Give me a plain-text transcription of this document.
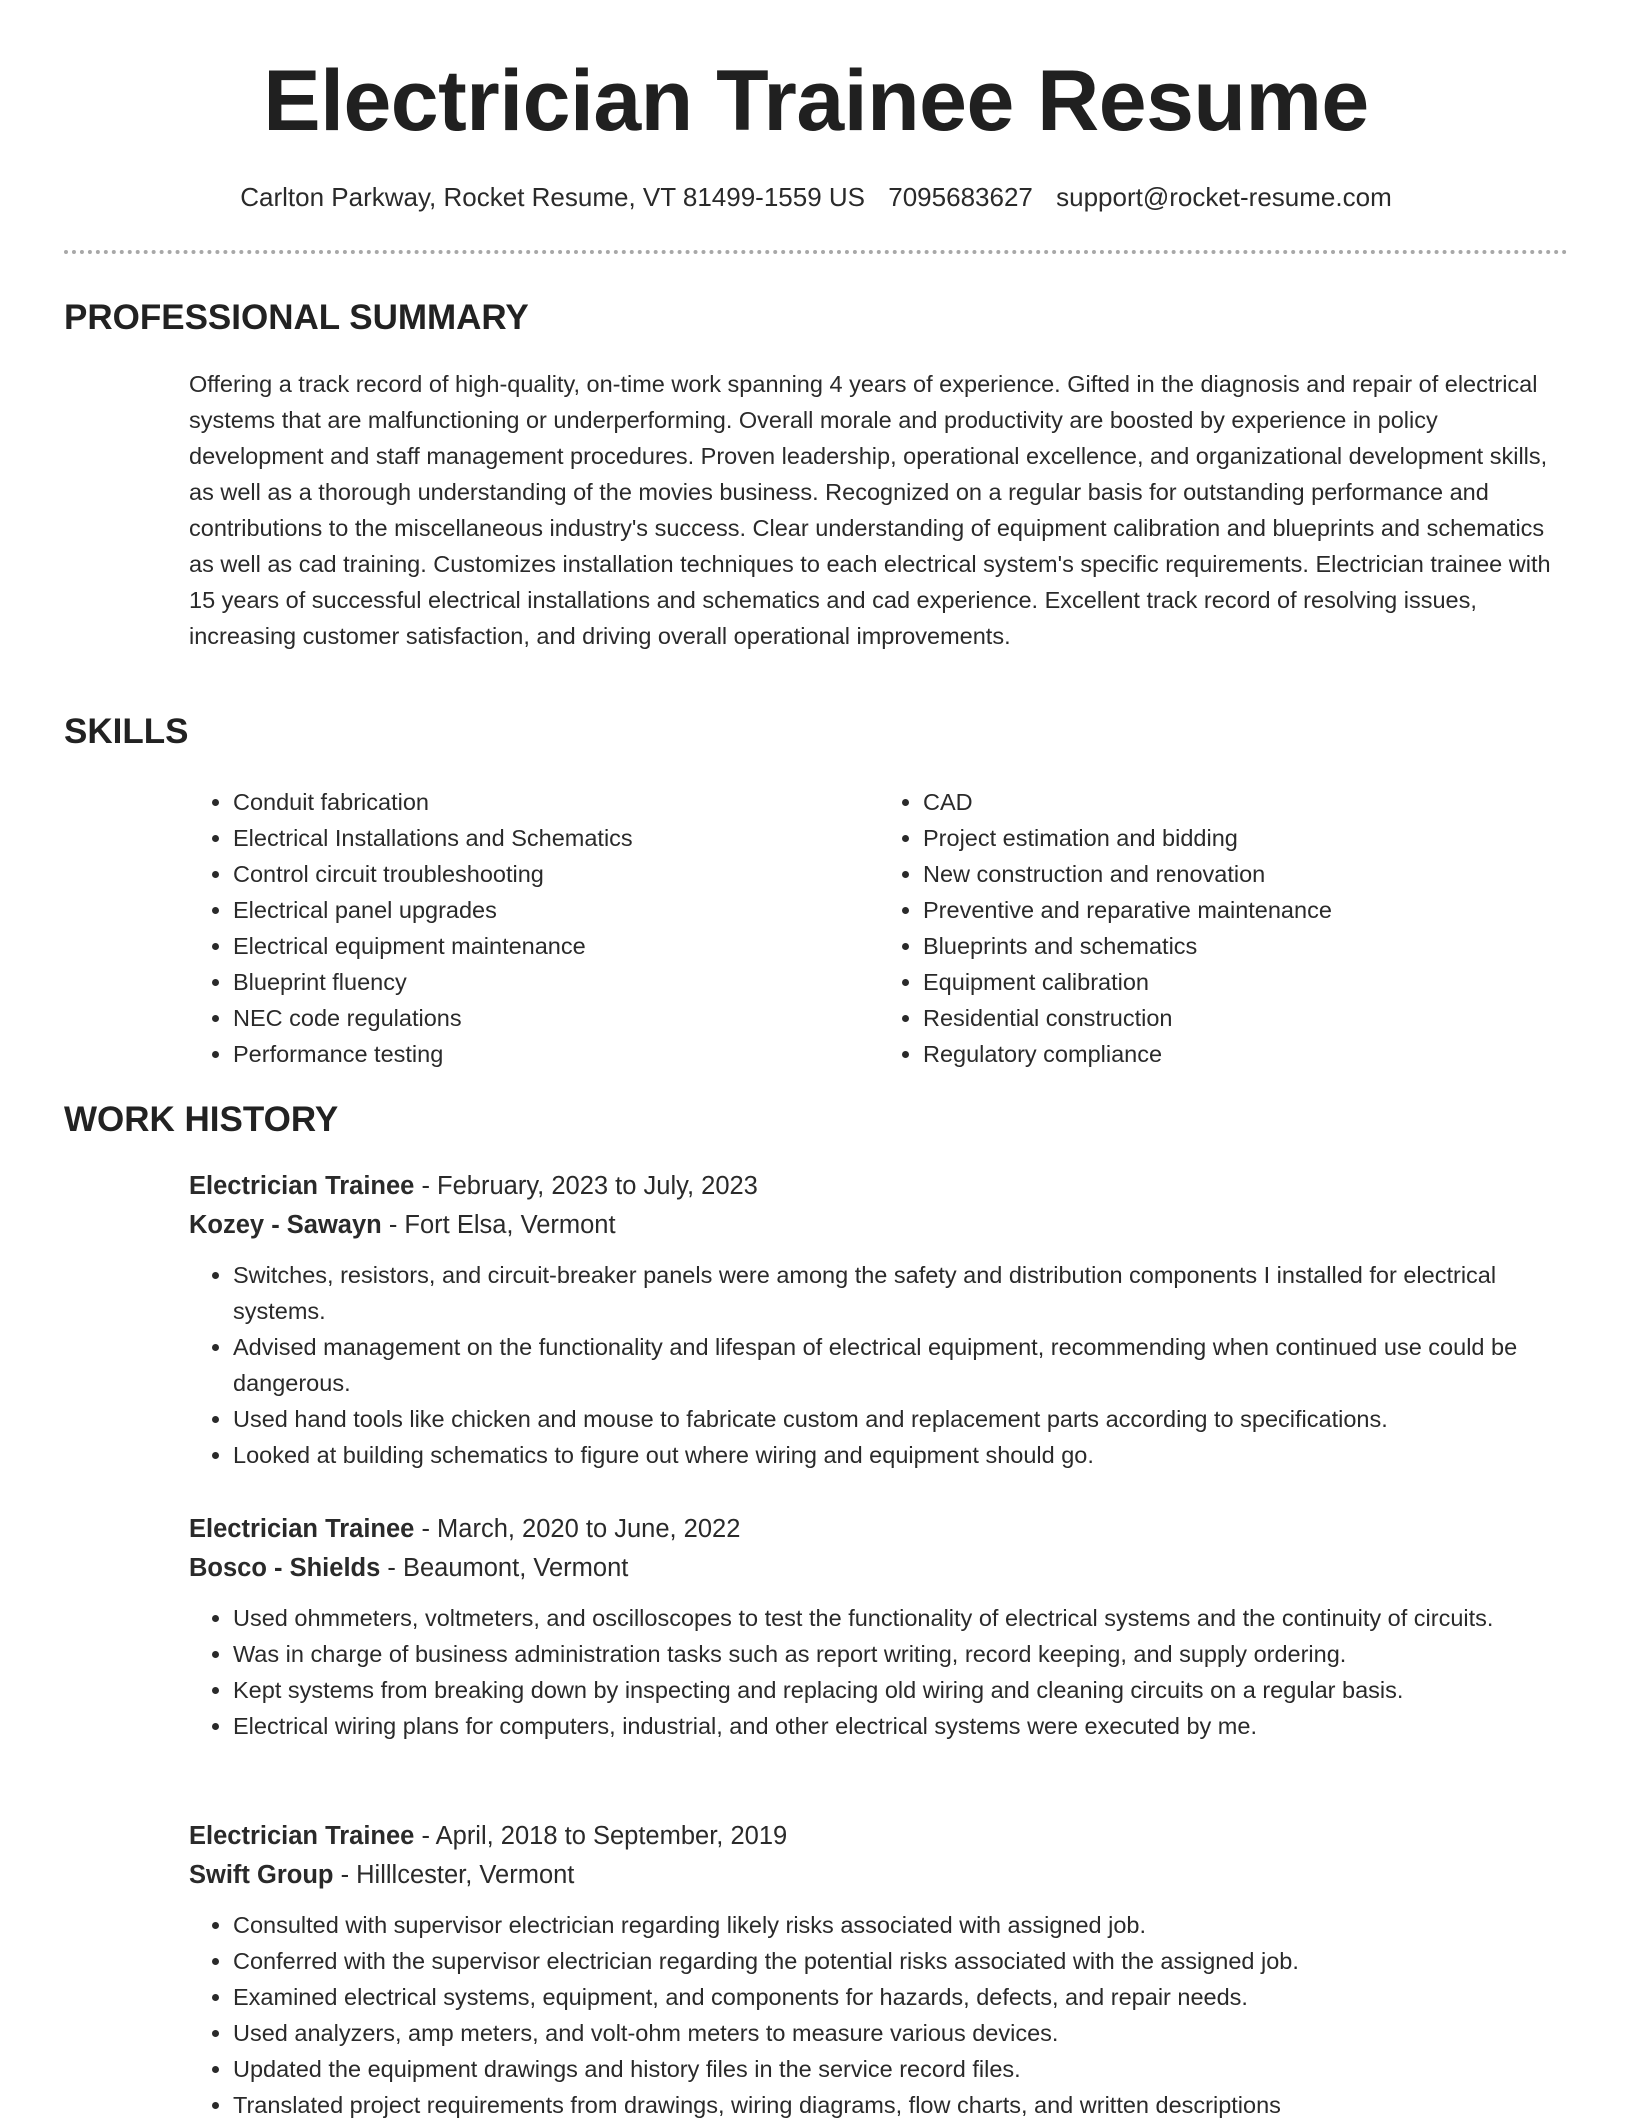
Electrician Trainee Resume
Carlton Parkway, Rocket Resume, VT 81499-1559 US 7095683627 support@rocket-resume.com
PROFESSIONAL SUMMARY

Offering a track record of high-quality, on-time work spanning 4 years of experience. Gifted in the diagnosis and repair of electrical systems that are malfunctioning or underperforming. Overall morale and productivity are boosted by experience in policy development and staff management procedures. Proven leadership, operational excellence, and organizational development skills, as well as a thorough understanding of the movies business. Recognized on a regular basis for outstanding performance and contributions to the miscellaneous industry's success. Clear understanding of equipment calibration and blueprints and schematics as well as cad training. Customizes installation techniques to each electrical system's specific requirements. Electrician trainee with 15 years of successful electrical installations and schematics and cad experience. Excellent track record of resolving issues, increasing customer satisfaction, and driving overall operational improvements.

SKILLS
• Conduit fabrication
• Electrical Installations and Schematics
• Control circuit troubleshooting
• Electrical panel upgrades
• Electrical equipment maintenance
• Blueprint fluency
• NEC code regulations
• Performance testing
• CAD
• Project estimation and bidding
• New construction and renovation
• Preventive and reparative maintenance
• Blueprints and schematics
• Equipment calibration
• Residential construction
• Regulatory compliance
WORK HISTORY
Electrician Trainee - February, 2023 to July, 2023
Kozey - Sawayn - Fort Elsa, Vermont
• Switches, resistors, and circuit-breaker panels were among the safety and distribution components I installed for electrical systems.
• Advised management on the functionality and lifespan of electrical equipment, recommending when continued use could be dangerous.
• Used hand tools like chicken and mouse to fabricate custom and replacement parts according to specifications.
• Looked at building schematics to figure out where wiring and equipment should go.
Electrician Trainee - March, 2020 to June, 2022
Bosco - Shields - Beaumont, Vermont
• Used ohmmeters, voltmeters, and oscilloscopes to test the functionality of electrical systems and the continuity of circuits.
• Was in charge of business administration tasks such as report writing, record keeping, and supply ordering.
• Kept systems from breaking down by inspecting and replacing old wiring and cleaning circuits on a regular basis.
• Electrical wiring plans for computers, industrial, and other electrical systems were executed by me.
Electrician Trainee - April, 2018 to September, 2019
Swift Group - Hilllcester, Vermont
• Consulted with supervisor electrician regarding likely risks associated with assigned job.
• Conferred with the supervisor electrician regarding the potential risks associated with the assigned job.
• Examined electrical systems, equipment, and components for hazards, defects, and repair needs.
• Used analyzers, amp meters, and volt-ohm meters to measure various devices.
• Updated the equipment drawings and history files in the service record files.
• Translated project requirements from drawings, wiring diagrams, flow charts, and written descriptions
